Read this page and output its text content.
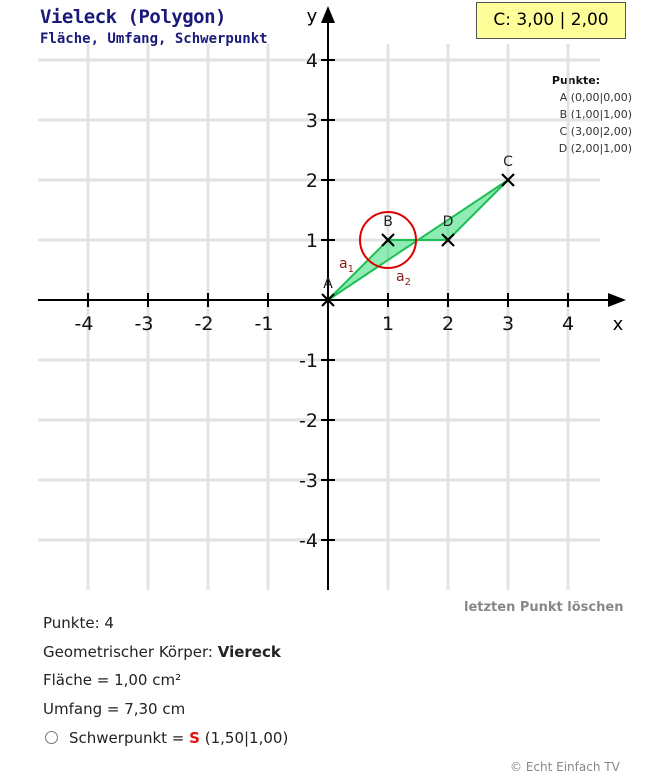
Vieleck (Polygon)
Fläche, Umfang, Schwerpunkt
C: 3,00 | 2,00
Punkte:
A (0,00|0,00)
B (1,00|1,00)
C (3,00|2,00)
D (2,00|1,00)
x
y
-4 -3 -2 -1	1	2	3	4
4
3
2
1
-1
-2
-3
-4
A
B	D
C
$a_1$	$a_2$
letzten Punkt löschen
Punkte: 4
Geometrischer Körper: Viereck
Fläche = 1,00 cm²
Umfang = 7,30 cm
Schwerpunkt = S (1,50|1,00)
© Echt Einfach TV
